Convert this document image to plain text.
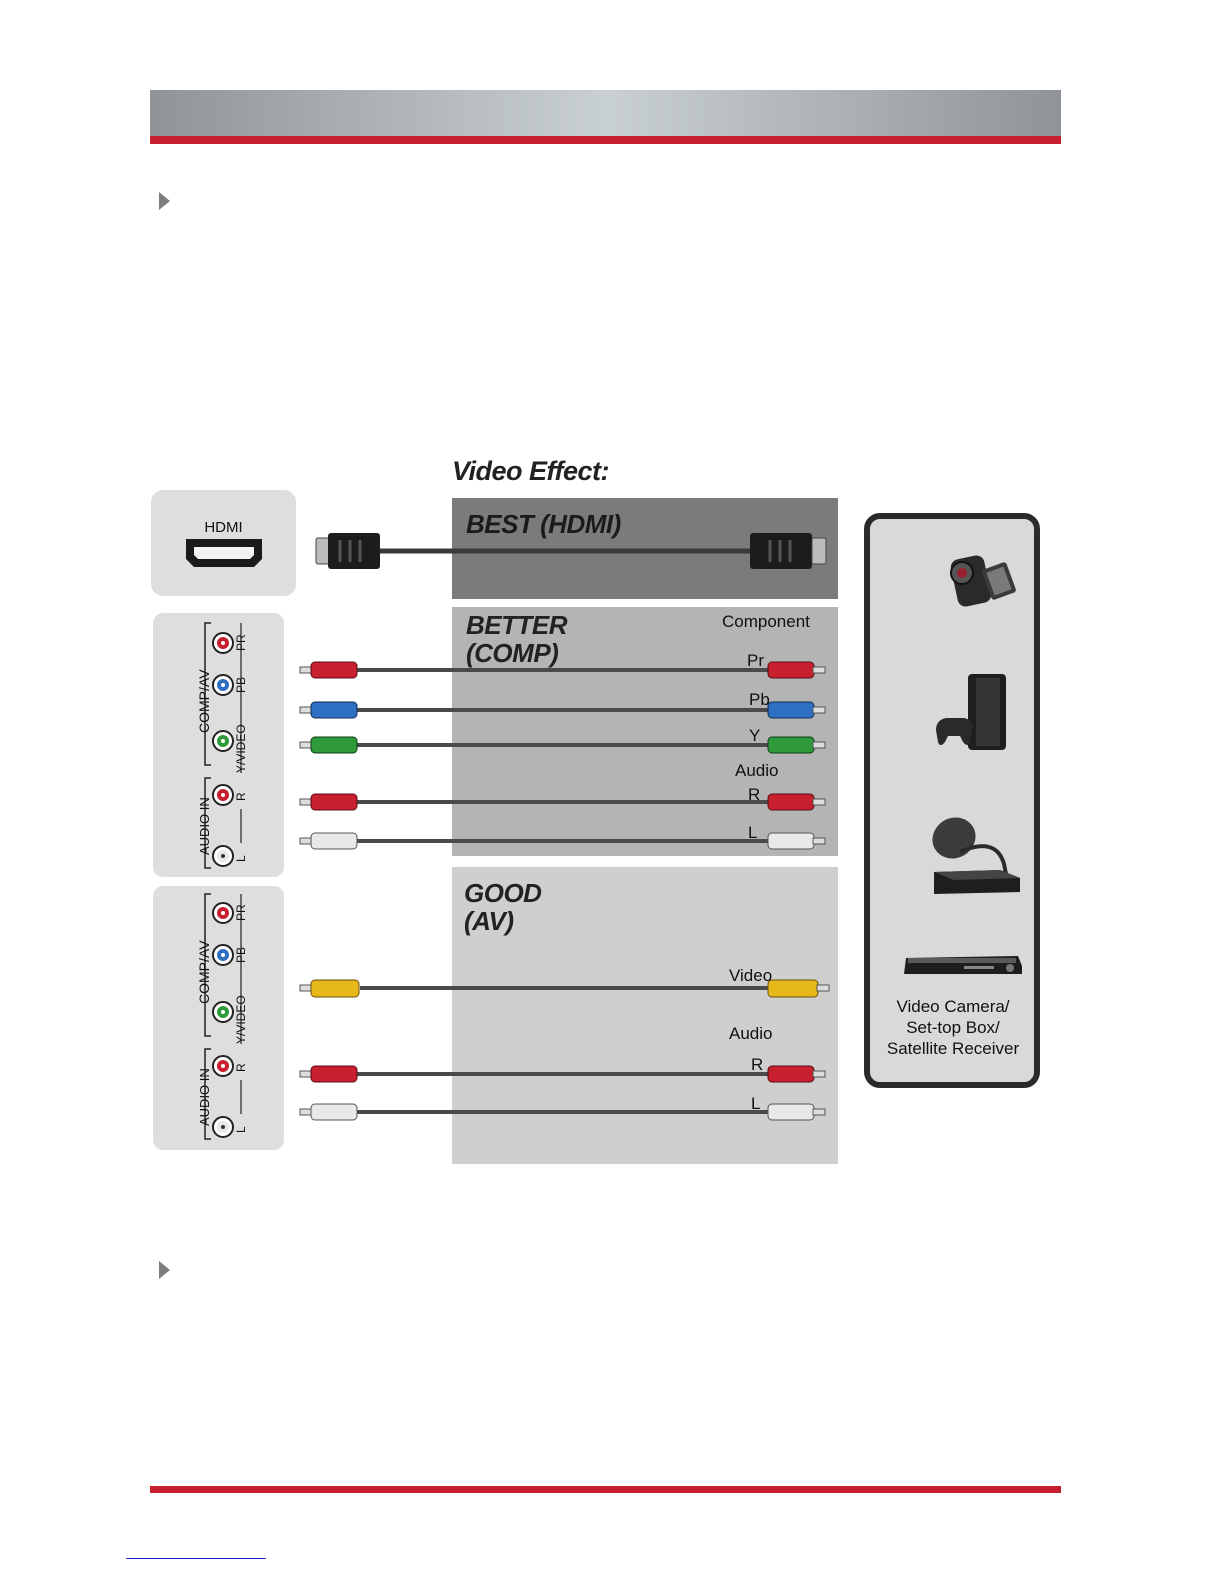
Video Effect:
BEST (HDMI)
BETTER
(COMP)
GOOD
(AV)
HDMI
COMP/AV
AUDIO IN
PR
PB
Y/VIDEO
R
L
COMP/AV
AUDIO IN
PR
PB
Y/VIDEO
R
L
Component
Pr
Pb
Y
Audio
R
L
Video
Audio
R
L
Video Camera/
Set-top Box/
Satellite Receiver
